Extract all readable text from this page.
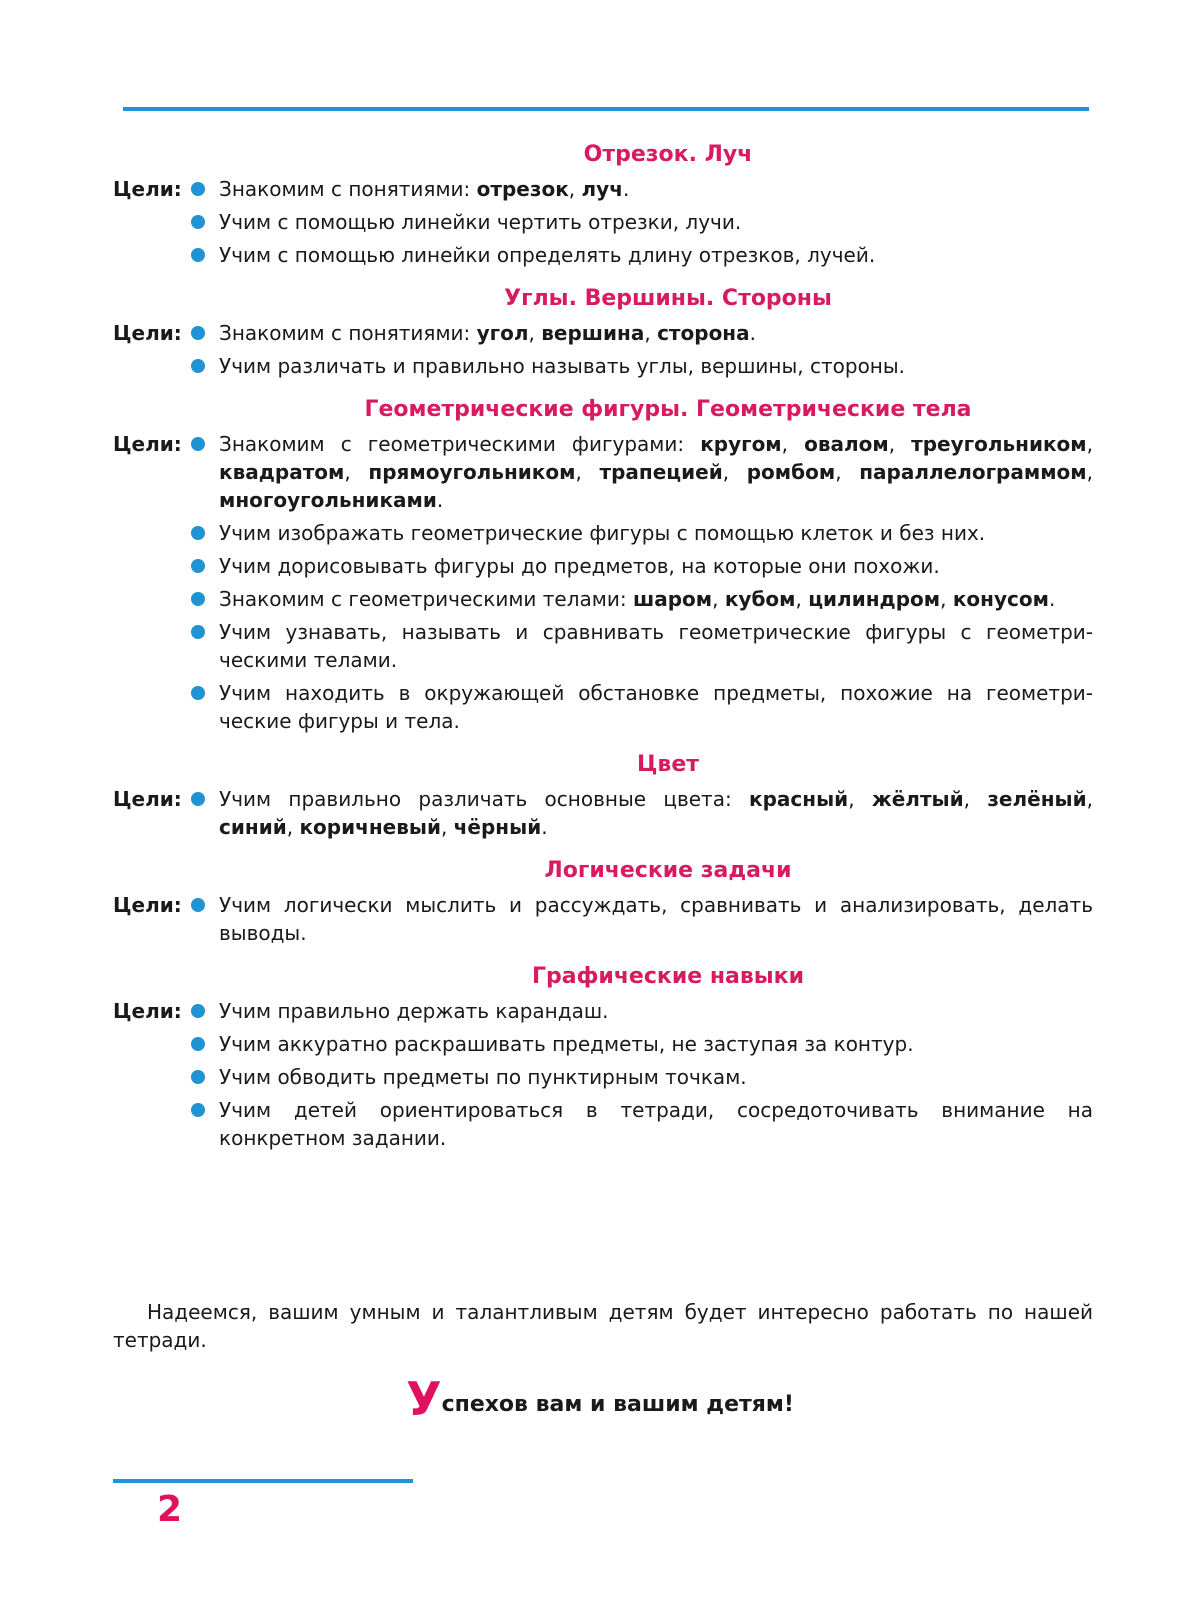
Отрезок. Луч
Цели:	Знакомим с понятиями: отрезок, луч.
Учим с помощью линейки чертить отрезки, лучи.
Учим с помощью линейки определять длину отрезков, лучей.
Углы. Вершины. Стороны
Цели:	Знакомим с понятиями: угол, вершина, сторона.
Учим различать и правильно называть углы, вершины, стороны.
Геометрические фигуры. Геометрические тела
Цели:	Знакомим с геометрическими фигурами: кругом, овалом, треугольником, квадратом, прямоугольником, трапецией, ромбом, параллелограммом, многоугольниками.
Учим изображать геометрические фигуры с помощью клеток и без них.
Учим дорисовывать фигуры до предметов, на которые они похожи.
Знакомим с геометрическими телами: шаром, кубом, цилиндром, конусом.
Учим узнавать, называть и сравнивать геометрические фигуры с геометрическими телами.
Учим находить в окружающей обстановке предметы, похожие на геометрические фигуры и тела.
Цвет
Цели:	Учим правильно различать основные цвета: красный, жёлтый, зелёный, синий, коричневый, чёрный.
Логические задачи
Цели:	Учим логически мыслить и рассуждать, сравнивать и анализировать, делать выводы.
Графические навыки
Цели:	Учим правильно держать карандаш.
Учим аккуратно раскрашивать предметы, не заступая за контур.
Учим обводить предметы по пунктирным точкам.
Учим детей ориентироваться в тетради, сосредоточивать внимание на конкретном задании.

Надеемся, вашим умным и талантливым детям будет интересно работать по нашей тетради.

Успехов вам и вашим детям!
2
